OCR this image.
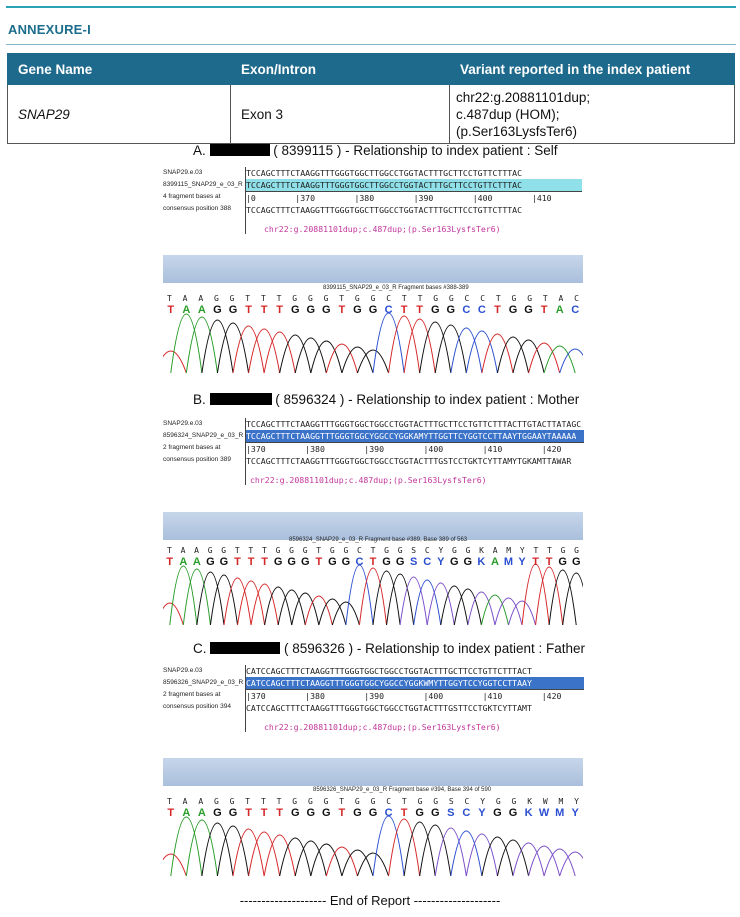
ANNEXURE-I
Gene Name	Exon/Intron	Variant reported in the index patient
SNAP29	Exon 3	chr22:g.20881101dup;
c.487dup (HOM);
(p.Ser163LysfsTer6)
A.	( 8399115 ) - Relationship to index patient : Self
SNAP29.e.03
8399115_SNAP29_e_03_R
4 fragment bases at
consensus position 388
TCCAGCTTTCTAAGGTTTGGGTGGCTTGGCCTGGTACTTTGCTTCCTGTTCTTTAC
TCCAGCTTTCTAAGGTTTGGGTGGCTTGGCCTGGTACTTTGCTTCCTGTTCTTTAC
|0        |370        |380        |390        |400        |410
TCCAGCTTTCTAAGGTTTGGGTGGCTTGGCCTGGTACTTTGCTTCCTGTTCTTTAC
chr22:g.20881101dup;c.487dup;(p.Ser163LysfsTer6)
8399115_SNAP29_e_03_R Fragment bases #388-389
T A A G G T T T G G G T G G C T T G G C C T G G T A C
T A A G G T T T G G G T G G C T T G G C C T G G T A C
B.	( 8596324 ) - Relationship to index patient : Mother
SNAP29.e.03
8596324_SNAP29_e_03_R
2 fragment bases at
consensus position 389
TCCAGCTTTCTAAGGTTTGGGTGGCTGGCCTGGTACTTTGCTTCCTGTTCTTTACTTGTACTTATAGC
TCCAGCTTTCTAAGGTTTGGGTGGCYGGCCYGGKAMYTTGGTTCYGGTCCTTAAYTGGAAYTAAAAA
|370        |380        |390        |400        |410        |420
TCCAGCTTTCTAAGGTTTGGGTGGCTGGCCTGGTACTTTGSTCCTGKTCYTTAMYTGKAMTTAWAR
chr22:g.20881101dup;c.487dup;(p.Ser163LysfsTer6)
8596324_SNAP29_e_03_R Fragment base #389, Base 389 of 563
T A A G G T T T G G G T G G C T G G S C Y G G K A M Y T T G G
T A A G G T T T G G G T G G C T G G S C Y G G K A M Y T T G G
C.	( 8596326 ) - Relationship to index patient : Father
SNAP29.e.03
8596326_SNAP29_e_03_R
2 fragment bases at
consensus position 394
CATCCAGCTTTCTAAGGTTTGGGTGGCTGGCCTGGTACTTTGCTTCCTGTTCTTTACT
CATCCAGCTTTCTAAGGTTTGGGTGGCYGGCCYGGKWMYTTGGYTCCYGGTCCTTAAY
|370        |380        |390        |400        |410        |420
CATCCAGCTTTCTAAGGTTTGGGTGGCTGGCCTGGTACTTTGSTTCCTGKTCYTTAMT
chr22:g.20881101dup;c.487dup;(p.Ser163LysfsTer6)
8596326_SNAP29_e_03_R Fragment base #394, Base 394 of 590
T A A G G T T T G G G T G G C T G G S C Y G G K W M Y
T A A G G T T T G G G T G G C T G G S C Y G G K W M Y
-------------------- End of Report --------------------
